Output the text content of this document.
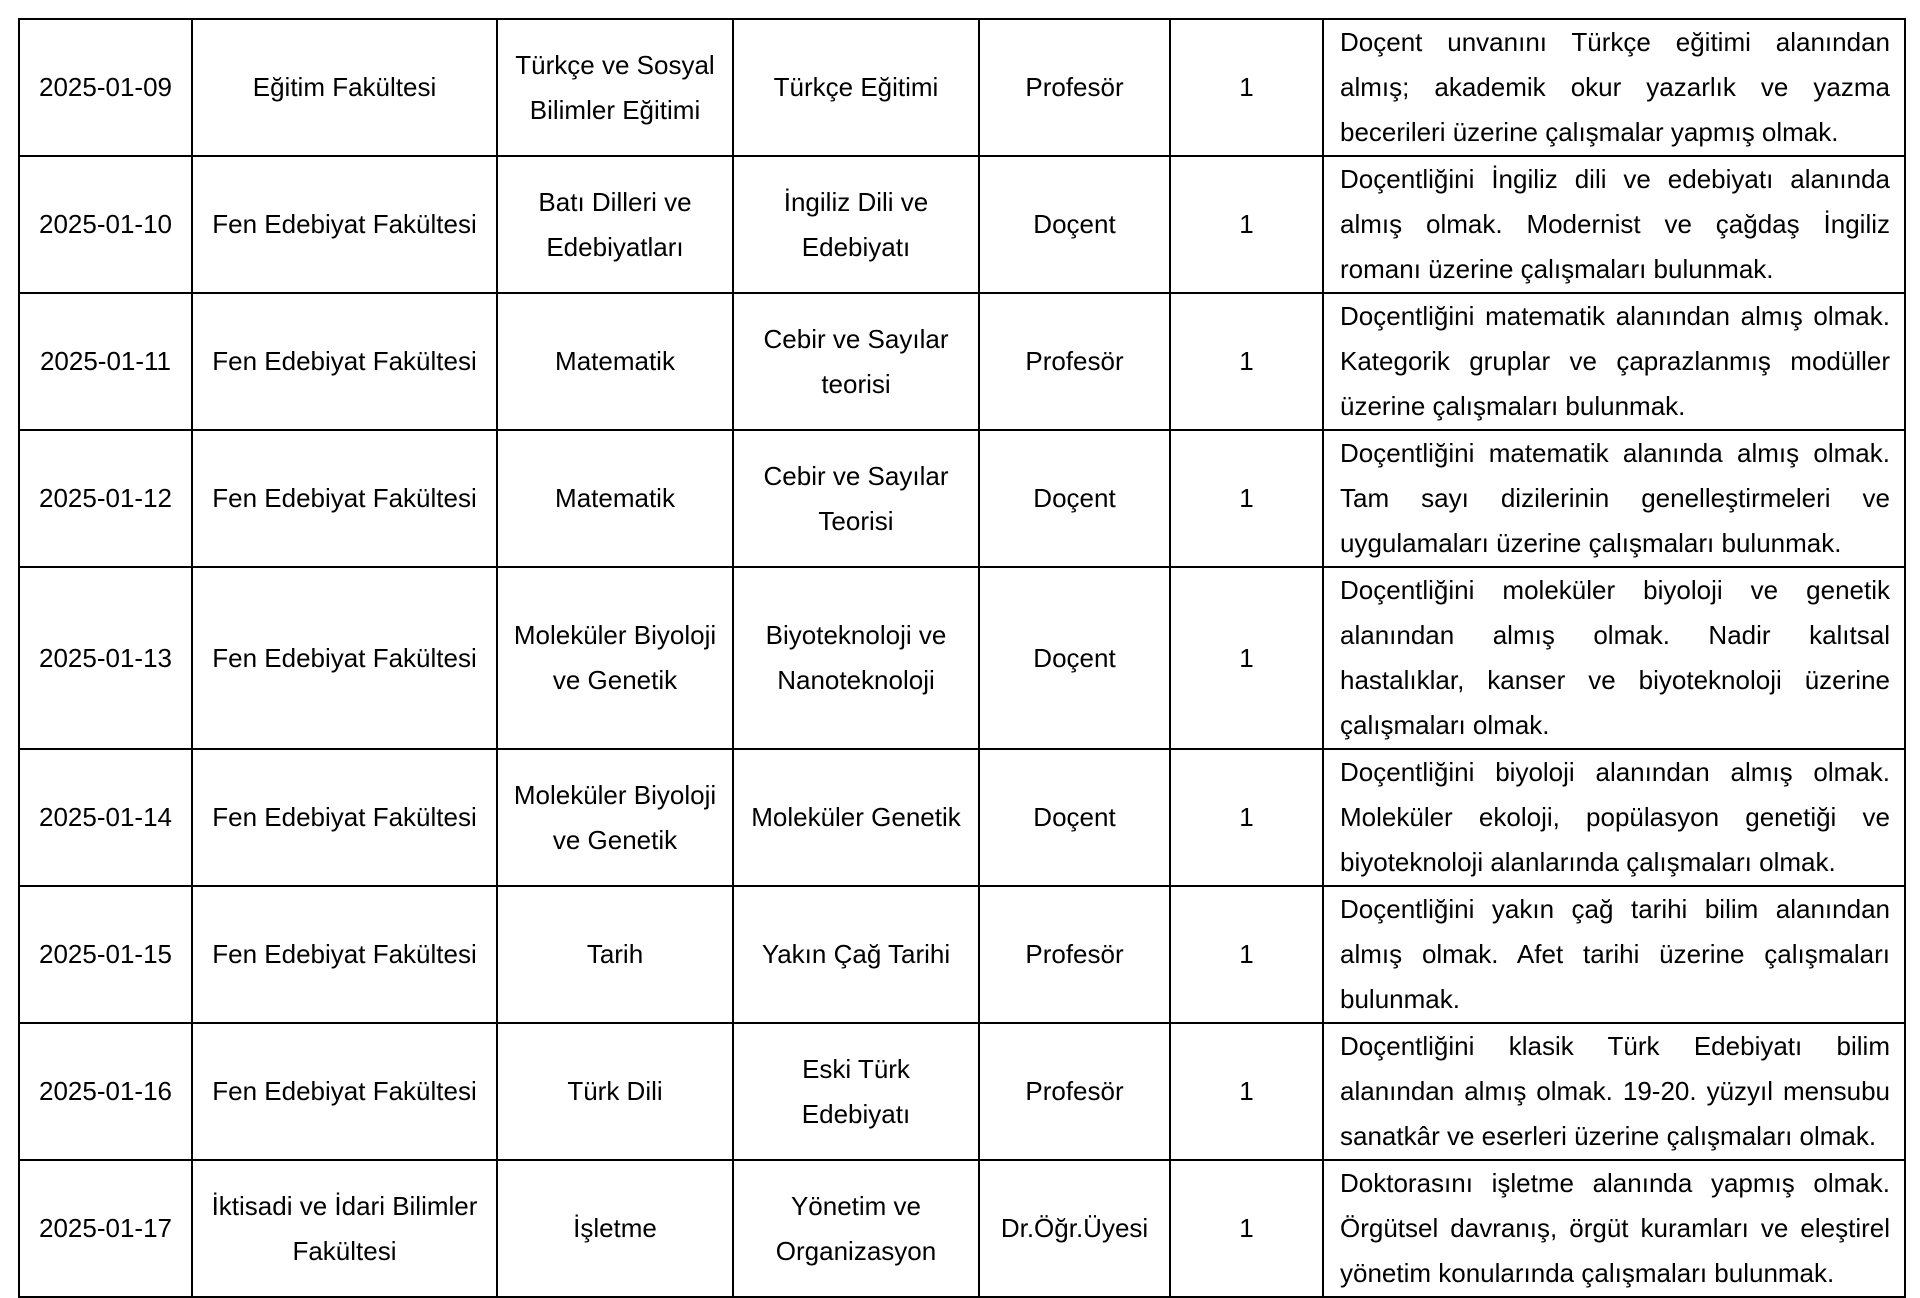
2025-01-09	Eğitim Fakültesi	Türkçe ve Sosyal Bilimler Eğitimi	Türkçe Eğitimi	Profesör	1	Doçent unvanını Türkçe eğitimi alanından almış; akademik okur yazarlık ve yazma becerileri üzerine çalışmalar yapmış olmak.
2025-01-10	Fen Edebiyat Fakültesi	Batı Dilleri ve Edebiyatları	İngiliz Dili ve Edebiyatı	Doçent	1	Doçentliğini İngiliz dili ve edebiyatı alanında almış olmak. Modernist ve çağdaş İngiliz romanı üzerine çalışmaları bulunmak.
2025-01-11	Fen Edebiyat Fakültesi	Matematik	Cebir ve Sayılar teorisi	Profesör	1	Doçentliğini matematik alanından almış olmak. Kategorik gruplar ve çaprazlanmış modüller üzerine çalışmaları bulunmak.
2025-01-12	Fen Edebiyat Fakültesi	Matematik	Cebir ve Sayılar Teorisi	Doçent	1	Doçentliğini matematik alanında almış olmak. Tam sayı dizilerinin genelleştirmeleri ve uygulamaları üzerine çalışmaları bulunmak.
2025-01-13	Fen Edebiyat Fakültesi	Moleküler Biyoloji ve Genetik	Biyoteknoloji ve Nanoteknoloji	Doçent	1	Doçentliğini moleküler biyoloji ve genetik alanından almış olmak. Nadir kalıtsal hastalıklar, kanser ve biyoteknoloji üzerine çalışmaları olmak.
2025-01-14	Fen Edebiyat Fakültesi	Moleküler Biyoloji ve Genetik	Moleküler Genetik	Doçent	1	Doçentliğini biyoloji alanından almış olmak. Moleküler ekoloji, popülasyon genetiği ve biyoteknoloji alanlarında çalışmaları olmak.
2025-01-15	Fen Edebiyat Fakültesi	Tarih	Yakın Çağ Tarihi	Profesör	1	Doçentliğini yakın çağ tarihi bilim alanından almış olmak. Afet tarihi üzerine çalışmaları bulunmak.
2025-01-16	Fen Edebiyat Fakültesi	Türk Dili	Eski Türk Edebiyatı	Profesör	1	Doçentliğini klasik Türk Edebiyatı bilim alanından almış olmak. 19-20. yüzyıl mensubu sanatkâr ve eserleri üzerine çalışmaları olmak.
2025-01-17	İktisadi ve İdari Bilimler Fakültesi	İşletme	Yönetim ve Organizasyon	Dr.Öğr.Üyesi	1	Doktorasını işletme alanında yapmış olmak. Örgütsel davranış, örgüt kuramları ve eleştirel yönetim konularında çalışmaları bulunmak.
